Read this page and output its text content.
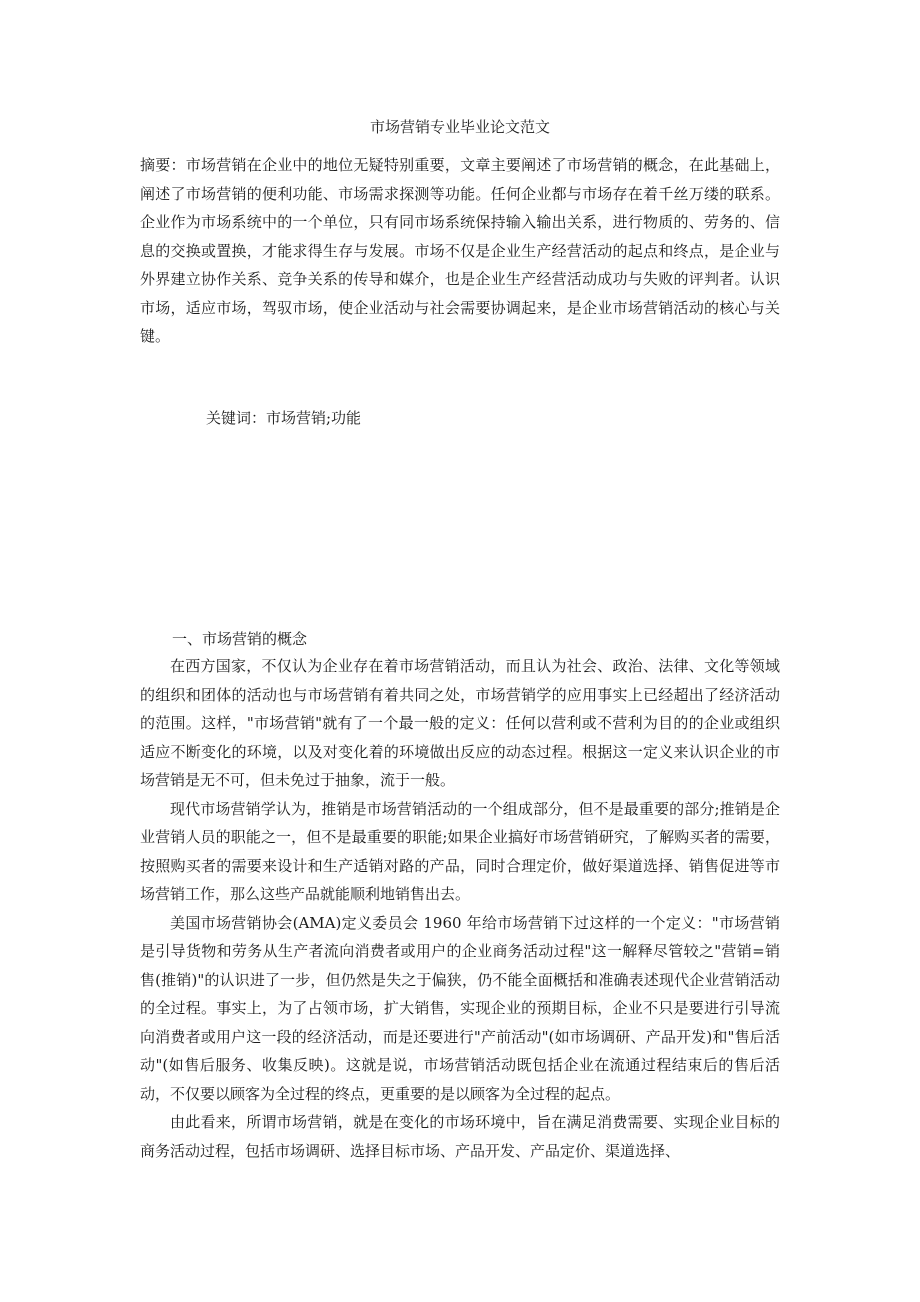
市场营销专业毕业论文范文

摘要：市场营销在企业中的地位无疑特别重要，文章主要阐述了市场营销的概念，在此基础上，阐述了市场营销的便利功能、市场需求探测等功能。任何企业都与市场存在着千丝万缕的联系。企业作为市场系统中的一个单位，只有同市场系统保持输入输出关系，进行物质的、劳务的、信息的交换或置换，才能求得生存与发展。市场不仅是企业生产经营活动的起点和终点，是企业与外界建立协作关系、竞争关系的传导和媒介，也是企业生产经营活动成功与失败的评判者。认识市场，适应市场，驾驭市场，使企业活动与社会需要协调起来，是企业市场营销活动的核心与关键。

关键词：市场营销;功能
一、市场营销的概念

在西方国家，不仅认为企业存在着市场营销活动，而且认为社会、政治、法律、文化等领域的组织和团体的活动也与市场营销有着共同之处，市场营销学的应用事实上已经超出了经济活动的范围。这样，"市场营销"就有了一个最一般的定义：任何以营利或不营利为目的的企业或组织适应不断变化的环境，以及对变化着的环境做出反应的动态过程。根据这一定义来认识企业的市场营销是无不可，但未免过于抽象，流于一般。

现代市场营销学认为，推销是市场营销活动的一个组成部分，但不是最重要的部分;推销是企业营销人员的职能之一，但不是最重要的职能;如果企业搞好市场营销研究，了解购买者的需要，按照购买者的需要来设计和生产适销对路的产品，同时合理定价，做好渠道选择、销售促进等市场营销工作，那么这些产品就能顺利地销售出去。

美国市场营销协会(AMA)定义委员会 1960 年给市场营销下过这样的一个定义："市场营销是引导货物和劳务从生产者流向消费者或用户的企业商务活动过程"这一解释尽管较之"营销=销售(推销)"的认识进了一步，但仍然是失之于偏狭，仍不能全面概括和准确表述现代企业营销活动的全过程。事实上，为了占领市场，扩大销售，实现企业的预期目标，企业不只是要进行引导流向消费者或用户这一段的经济活动，而是还要进行"产前活动"(如市场调研、产品开发)和"售后活动"(如售后服务、收集反映)。这就是说，市场营销活动既包括企业在流通过程结束后的售后活动，不仅要以顾客为全过程的终点，更重要的是以顾客为全过程的起点。

由此看来，所谓市场营销，就是在变化的市场环境中，旨在满足消费需要、实现企业目标的商务活动过程，包括市场调研、选择目标市场、产品开发、产品定价、渠道选择、
